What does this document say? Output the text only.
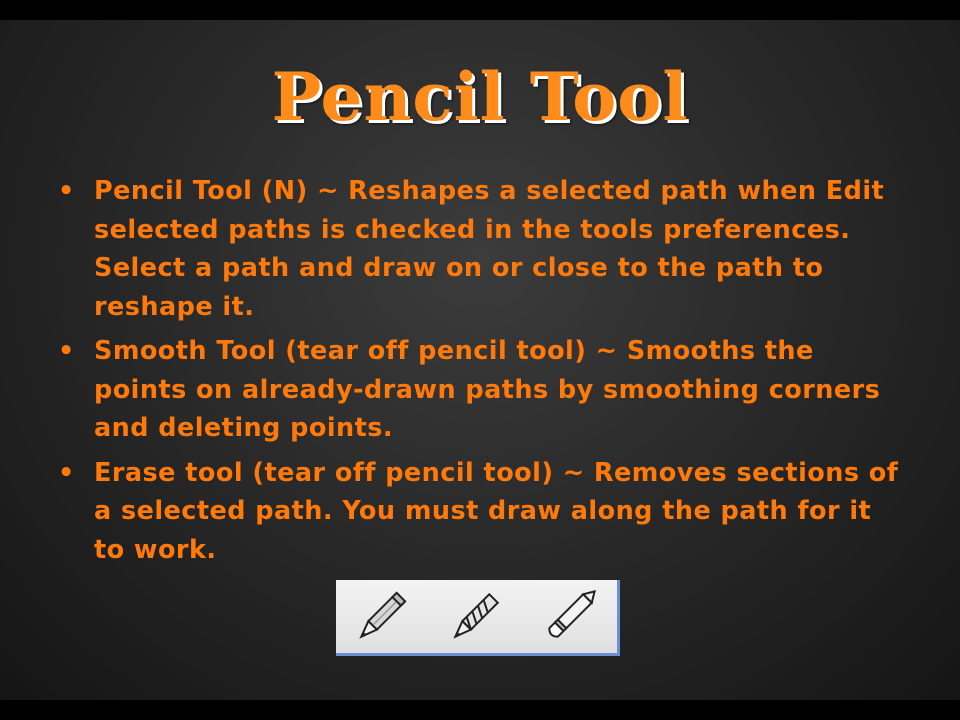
Pencil Tool
• Pencil Tool (N) ~ Reshapes a selected path when Edit selected paths is checked in the tools preferences. Select a path and draw on or close to the path to reshape it.
• Smooth Tool (tear off pencil tool) ~ Smooths the points on already-drawn paths by smoothing corners and deleting points.
• Erase tool (tear off pencil tool) ~ Removes sections of a selected path. You must draw along the path for it to work.
